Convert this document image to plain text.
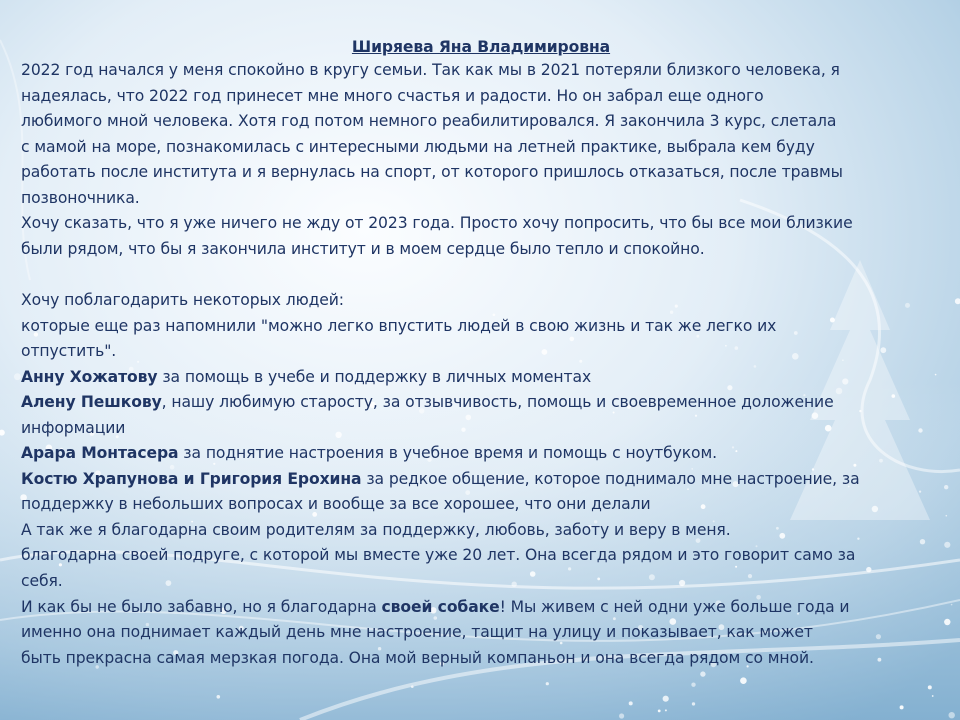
Ширяева Яна Владимировна
2022 год начался у меня спокойно в кругу семьи. Так как мы в 2021 потеряли близкого человека, я
надеялась, что 2022 год принесет мне много счастья и радости. Но он забрал еще одного
любимого мной человека. Хотя год потом немного реабилитировался. Я закончила 3 курс, слетала
с мамой на море, познакомилась с интересными людьми на летней практике, выбрала кем буду
работать после института и я вернулась на спорт, от которого пришлось отказаться, после травмы
позвоночника.
Хочу сказать, что я уже ничего не жду от 2023 года. Просто хочу попросить, что бы все мои близкие
были рядом, что бы я закончила институт и в моем сердце было тепло и спокойно.
Хочу поблагодарить некоторых людей:
которые еще раз напомнили "можно легко впустить людей в свою жизнь и так же легко их
отпустить".
Анну Хожатову за помощь в учебе и поддержку в личных моментах
Алену Пешкову, нашу любимую старосту, за отзывчивость, помощь и своевременное доложение
информации
Арара Монтасера за поднятие настроения в учебное время и помощь с ноутбуком.
Костю Храпунова и Григория Ерохина за редкое общение, которое поднимало мне настроение, за
поддержку в небольших вопросах и вообще за все хорошее, что они делали
А так же я благодарна своим родителям за поддержку, любовь, заботу и веру в меня.
благодарна своей подруге, с которой мы вместе уже 20 лет. Она всегда рядом и это говорит само за
себя.
И как бы не было забавно, но я благодарна своей собаке! Мы живем с ней одни уже больше года и
именно она поднимает каждый день мне настроение, тащит на улицу и показывает, как может
быть прекрасна самая мерзкая погода. Она мой верный компаньон и она всегда рядом со мной.
